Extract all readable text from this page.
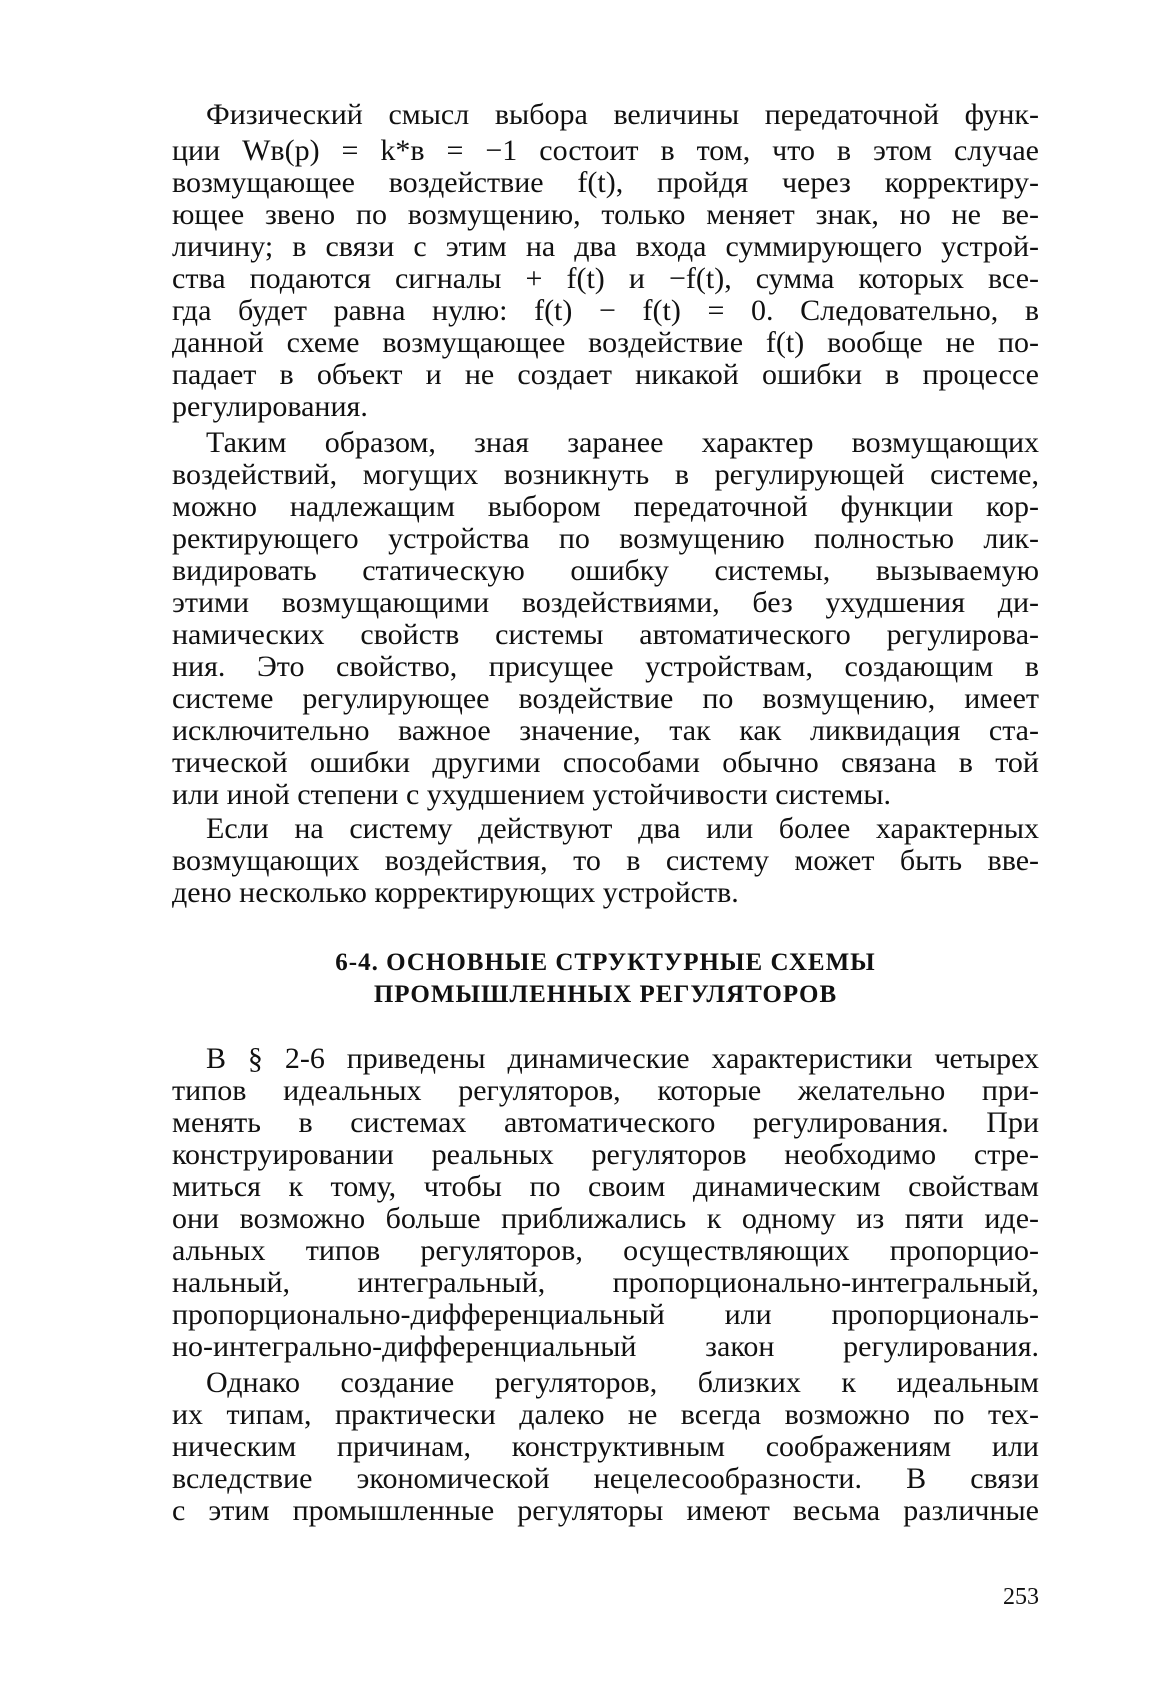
Физический смысл выбора величины передаточной функ-
ции Wв(p) = k*в = −1 состоит в том, что в этом случае
возмущающее воздействие f(t), пройдя через корректиру-
ющее звено по возмущению, только меняет знак, но не ве-
личину; в связи с этим на два входа суммирующего устрой-
ства подаются сигналы + f(t) и −f(t), сумма которых все-
гда будет равна нулю: f(t) − f(t) = 0. Следовательно, в
данной схеме возмущающее воздействие f(t) вообще не по-
падает в объект и не создает никакой ошибки в процессе
регулирования.
Таким образом, зная заранее характер возмущающих
воздействий, могущих возникнуть в регулирующей системе,
можно надлежащим выбором передаточной функции кор-
ректирующего устройства по возмущению полностью лик-
видировать статическую ошибку системы, вызываемую
этими возмущающими воздействиями, без ухудшения ди-
намических свойств системы автоматического регулирова-
ния. Это свойство, присущее устройствам, создающим в
системе регулирующее воздействие по возмущению, имеет
исключительно важное значение, так как ликвидация ста-
тической ошибки другими способами обычно связана в той
или иной степени с ухудшением устойчивости системы.
Если на систему действуют два или более характерных
возмущающих воздействия, то в систему может быть вве-
дено несколько корректирующих устройств.
6-4. ОСНОВНЫЕ СТРУКТУРНЫЕ СХЕМЫ
ПРОМЫШЛЕННЫХ РЕГУЛЯТОРОВ
В § 2-6 приведены динамические характеристики четырех
типов идеальных регуляторов, которые желательно при-
менять в системах автоматического регулирования. При
конструировании реальных регуляторов необходимо стре-
миться к тому, чтобы по своим динамическим свойствам
они возможно больше приближались к одному из пяти иде-
альных типов регуляторов, осуществляющих пропорцио-
нальный, интегральный, пропорционально-интегральный,
пропорционально-дифференциальный или пропорциональ-
но-интегрально-дифференциальный закон регулирования.
Однако создание регуляторов, близких к идеальным
их типам, практически далеко не всегда возможно по тех-
ническим причинам, конструктивным соображениям или
вследствие экономической нецелесообразности. В связи
с этим промышленные регуляторы имеют весьма различные
253
